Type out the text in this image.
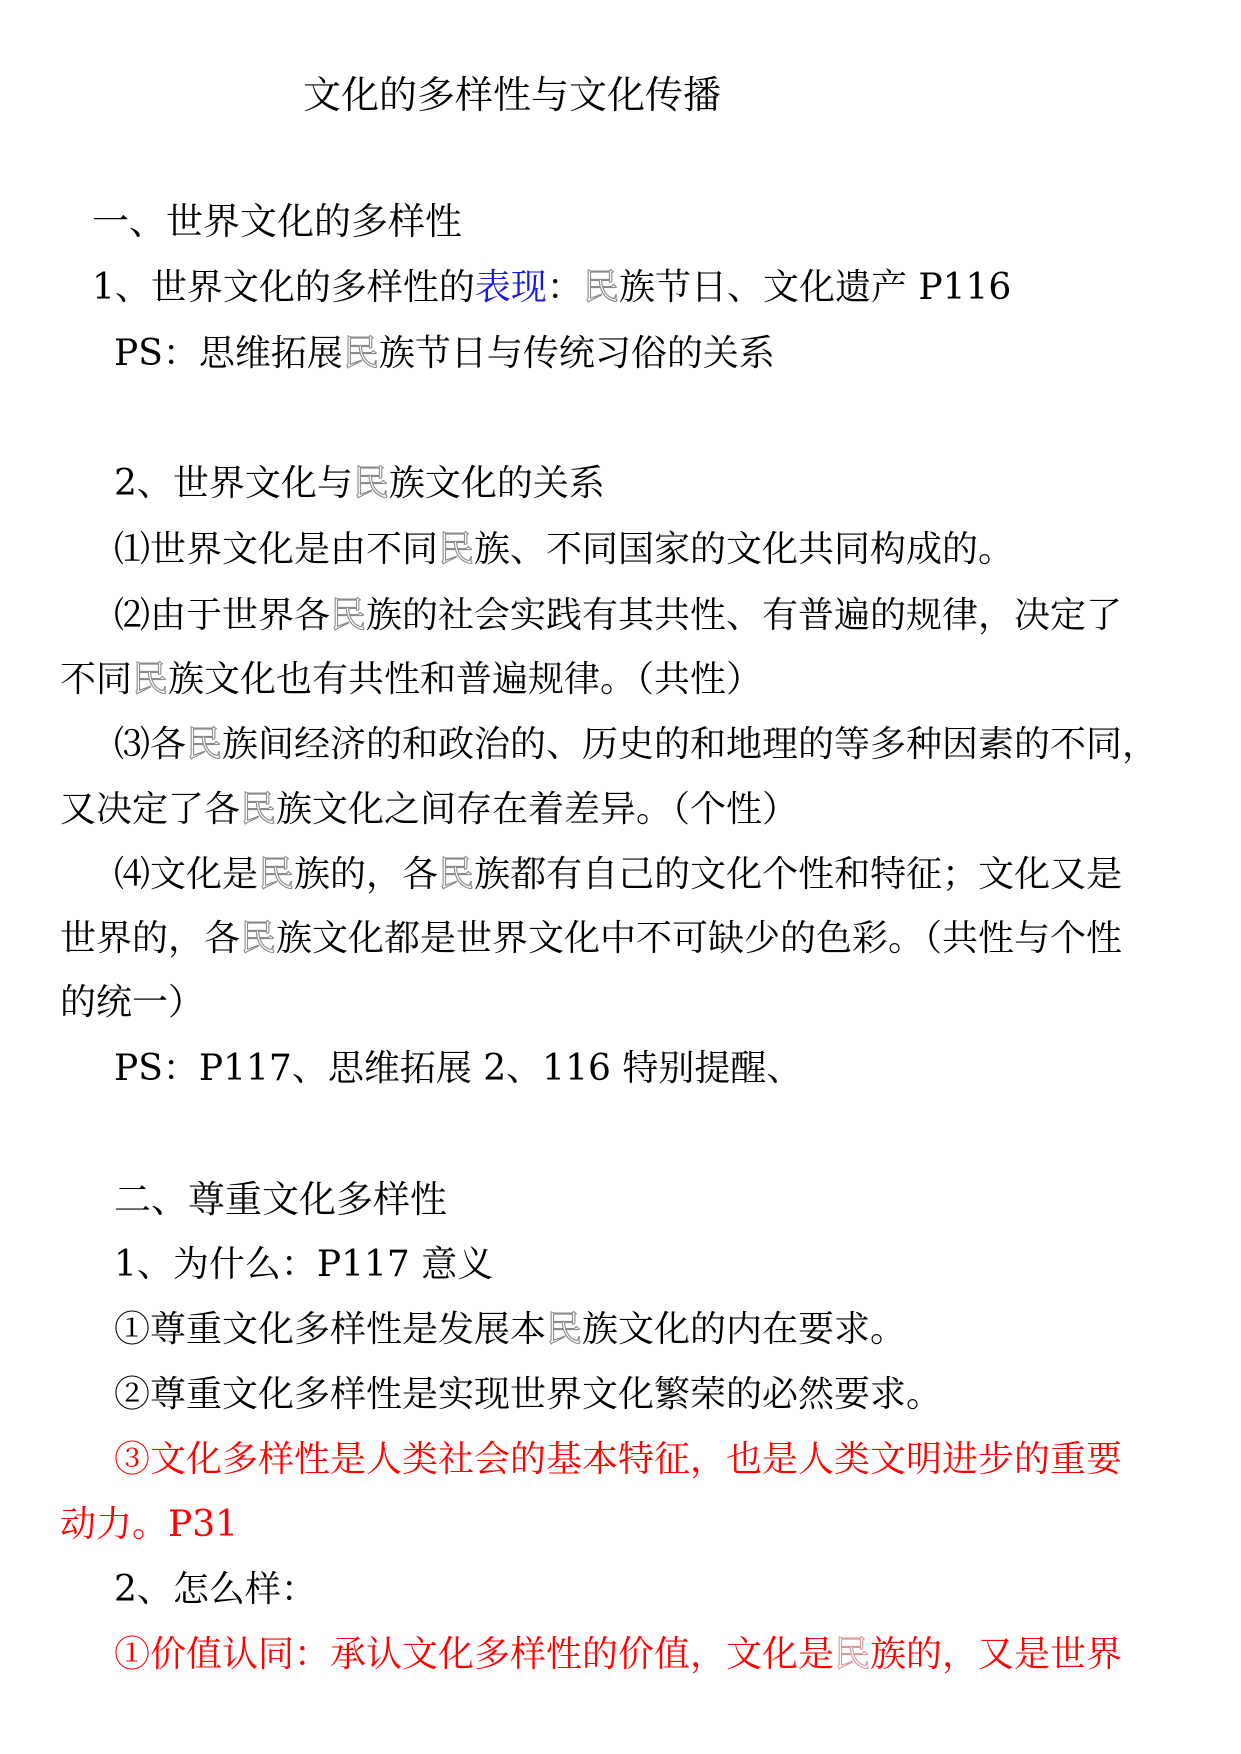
文化的多样性与文化传播
一、世界文化的多样性
1、世界文化的多样性的表现：民族节日、文化遗产 P116
PS：思维拓展民族节日与传统习俗的关系
2、世界文化与民族文化的关系
⑴世界文化是由不同民族、不同国家的文化共同构成的。
⑵由于世界各民族的社会实践有其共性、有普遍的规律，决定了
不同民族文化也有共性和普遍规律。（共性）
⑶各民族间经济的和政治的、历史的和地理的等多种因素的不同，
又决定了各民族文化之间存在着差异。（个性）
⑷文化是民族的，各民族都有自己的文化个性和特征；文化又是
世界的，各民族文化都是世界文化中不可缺少的色彩。（共性与个性
的统一）
PS：P117、思维拓展 2、116 特别提醒、
二、尊重文化多样性
1、为什么：P117 意义
①尊重文化多样性是发展本民族文化的内在要求。
②尊重文化多样性是实现世界文化繁荣的必然要求。
③文化多样性是人类社会的基本特征，也是人类文明进步的重要
动力。P31
2、怎么样：
①价值认同：承认文化多样性的价值，文化是民族的，又是世界
